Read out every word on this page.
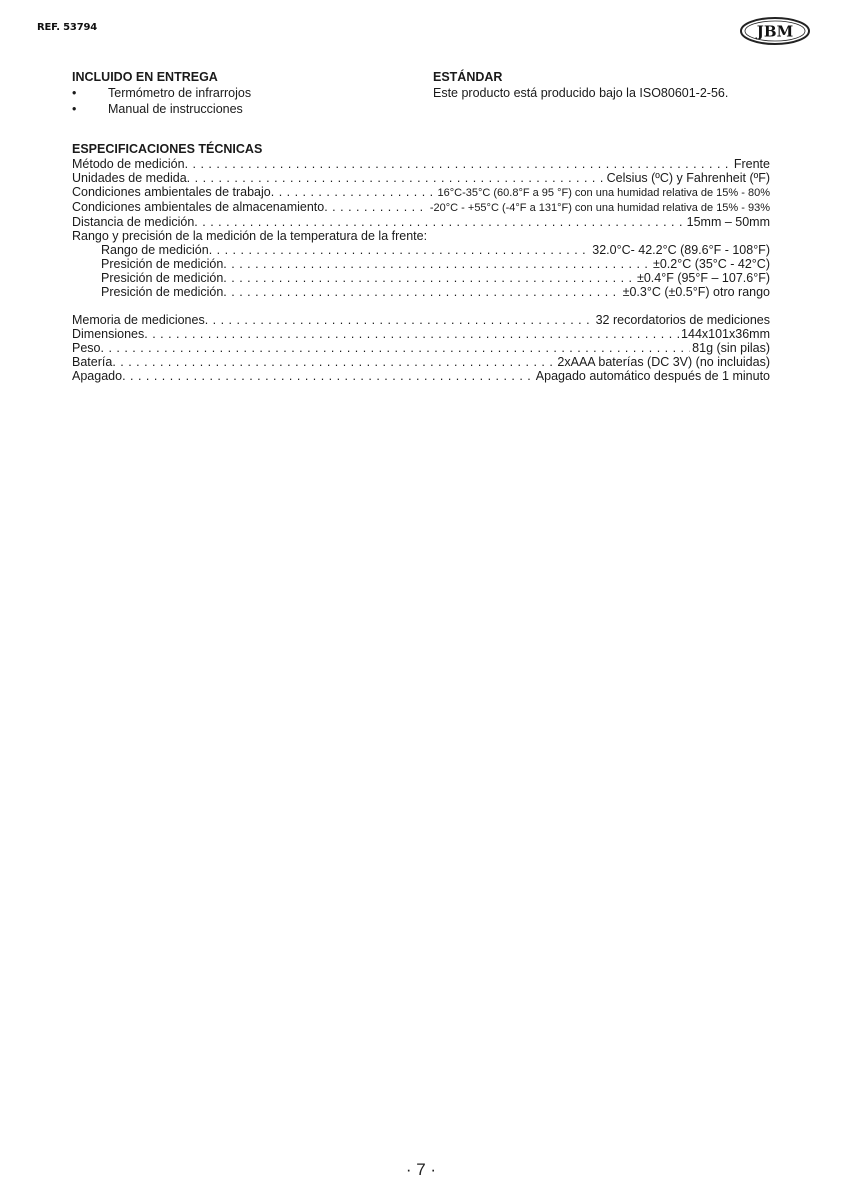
REF. 53794	JBM
INCLUIDO EN ENTREGA
•	Termómetro de infrarrojos
•	Manual de instrucciones
ESTÁNDAR
Este producto está producido bajo la ISO80601-2-56.
ESPECIFICACIONES TÉCNICAS
Método de medición . . .	Frente
Unidades de medida . . .	Celsius (ºC) y Fahrenheit (ºF)
Condiciones ambientales de trabajo . . .	16°C-35°C (60.8°F a 95 °F) con una humidad relativa de 15% - 80%
Condiciones ambientales de almacenamiento . . .	-20°C - +55°C (-4°F a 131°F) con una humidad relativa de 15% - 93%
Distancia de medición . . .	15mm – 50mm
Rango y precisión de la medición de la temperatura de la frente:
Rango de medición . . .	32.0°C- 42.2°C (89.6°F - 108°F)
Presición de medición . . .	±0.2°C (35°C - 42°C)
Presición de medición . . .	±0.4°F (95°F – 107.6°F)
Presición de medición . . .	±0.3°C (±0.5°F) otro rango
Memoria de mediciones . . .	32 recordatorios de mediciones
Dimensiones . . .	144x101x36mm
Peso . . .	81g (sin pilas)
Batería . . .	2xAAA baterías (DC 3V) (no incluidas)
Apagado . . .	Apagado automático después de 1 minuto
· 7 ·
